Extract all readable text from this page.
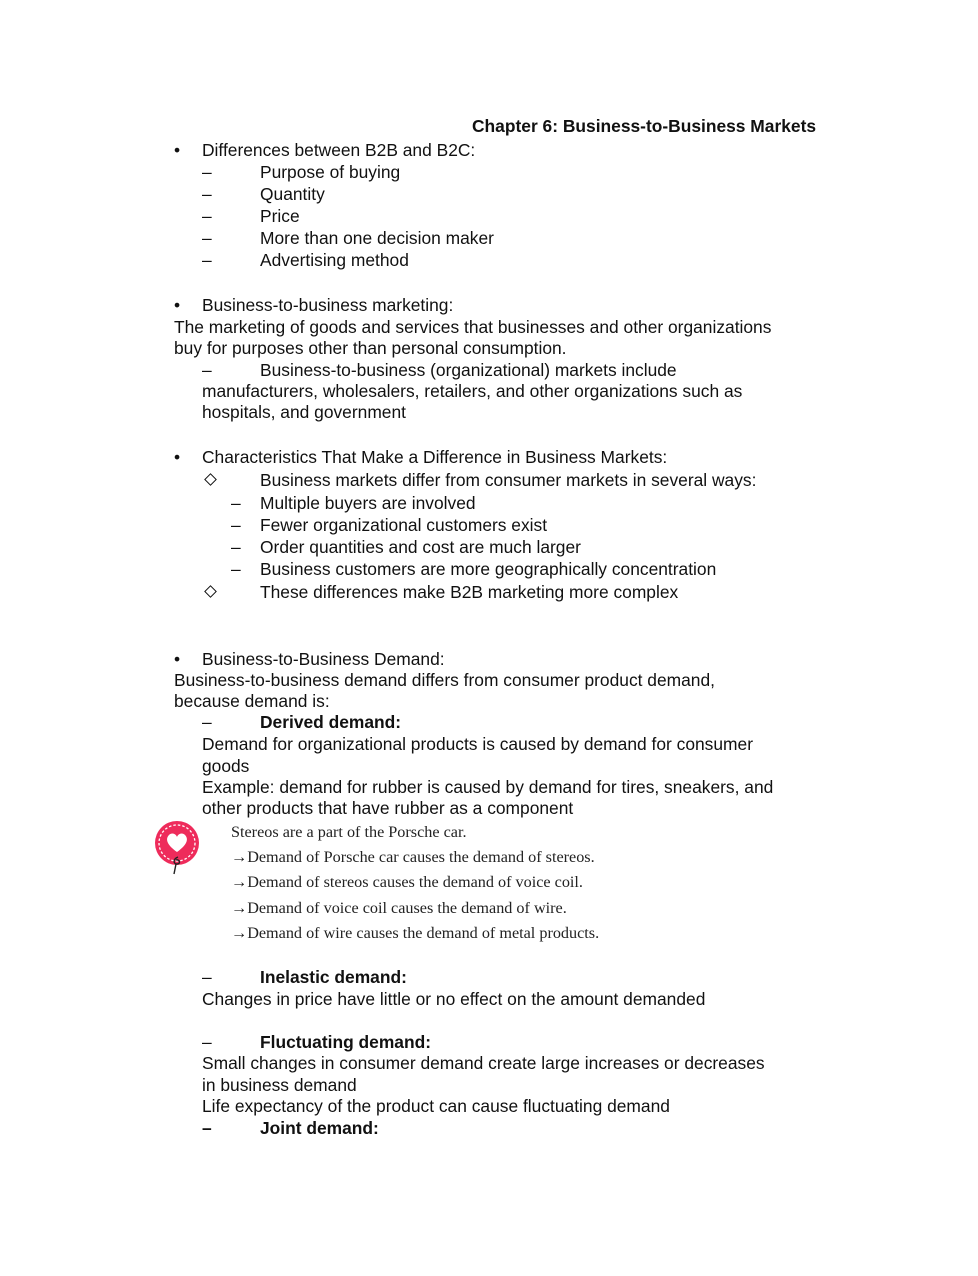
Chapter 6: Business-to-Business Markets
• Differences between B2B and B2C:
–	Purpose of buying
–	Quantity
–	Price
–	More than one decision maker
–	Advertising method
• Business-to-business marketing:
The marketing of goods and services that businesses and other organizations
buy for purposes other than personal consumption.
–	Business-to-business (organizational) markets include
manufacturers, wholesalers, retailers, and other organizations such as
hospitals, and government
• Characteristics That Make a Difference in Business Markets:
Business markets differ from consumer markets in several ways:
– Multiple buyers are involved
– Fewer organizational customers exist
– Order quantities and cost are much larger
– Business customers are more geographically concentration
These differences make B2B marketing more complex
• Business-to-Business Demand:
Business-to-business demand differs from consumer product demand,
because demand is:
–	Derived demand:
Demand for organizational products is caused by demand for consumer
goods
Example: demand for rubber is caused by demand for tires, sneakers, and
other products that have rubber as a component
Stereos are a part of the Porsche car.
→Demand of Porsche car causes the demand of stereos.
→Demand of stereos causes the demand of voice coil.
→Demand of voice coil causes the demand of wire.
→Demand of wire causes the demand of metal products.
–	Inelastic demand:
Changes in price have little or no effect on the amount demanded
–	Fluctuating demand:
Small changes in consumer demand create large increases or decreases
in business demand
Life expectancy of the product can cause fluctuating demand
–	Joint demand:
